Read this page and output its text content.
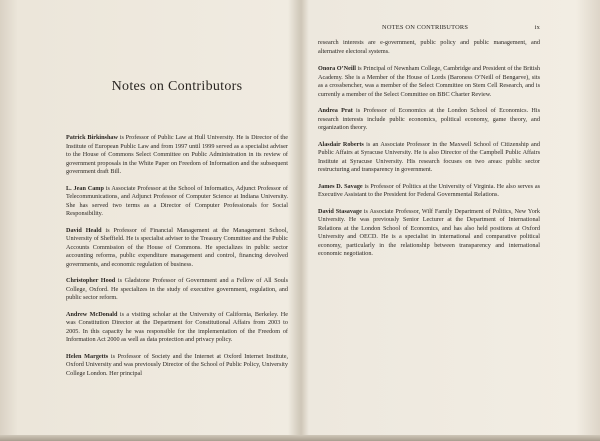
NOTES ON CONTRIBUTORS	ix
Notes on Contributors

Patrick Birkinshaw is Professor of Public Law at Hull University. He is Director of the Institute of European Public Law and from 1997 until 1999 served as a specialist adviser to the House of Commons Select Committee on Public Administration in its review of government proposals in the White Paper on Freedom of Information and the subsequent government draft Bill.

L. Jean Camp is Associate Professor at the School of Informatics, Adjunct Professor of Telecommunications, and Adjunct Professor of Computer Science at Indiana University. She has served two terms as a Director of Computer Professionals for Social Responsibility.

David Heald is Professor of Financial Management at the Management School, University of Sheffield. He is specialist adviser to the Treasury Committee and the Public Accounts Commission of the House of Commons. He specializes in public sector accounting reforms, public expenditure management and control, financing devolved governments, and economic regulation of business.

Christopher Hood is Gladstone Professor of Government and a Fellow of All Souls College, Oxford. He specializes in the study of executive government, regulation, and public sector reform.

Andrew McDonald is a visiting scholar at the University of California, Berkeley. He was Constitution Director at the Department for Constitutional Affairs from 2003 to 2005. In this capacity he was responsible for the implementation of the Freedom of Information Act 2000 as well as data protection and privacy policy.

Helen Margetts is Professor of Society and the Internet at Oxford Internet Institute, Oxford University and was previously Director of the School of Public Policy, University College London. Her principal

research interests are e-government, public policy and public management, and alternative electoral systems.

Onora O’Neill is Principal of Newnham College, Cambridge and President of the British Academy. She is a Member of the House of Lords (Baroness O’Neill of Bengarve), sits as a crossbencher, was a member of the Select Committee on Stem Cell Research, and is currently a member of the Select Committee on BBC Charter Review.

Andrea Prat is Professor of Economics at the London School of Economics. His research interests include public economics, political economy, game theory, and organization theory.

Alasdair Roberts is an Associate Professor in the Maxwell School of Citizenship and Public Affairs at Syracuse University. He is also Director of the Campbell Public Affairs Institute at Syracuse University. His research focuses on two areas: public sector restructuring and transparency in government.

James D. Savage is Professor of Politics at the University of Virginia. He also serves as Executive Assistant to the President for Federal Governmental Relations.

David Stasavage is Associate Professor, Wilf Family Department of Politics, New York University. He was previously Senior Lecturer at the Department of International Relations at the London School of Economics, and has also held positions at Oxford University and OECD. He is a specialist in international and comparative political economy, particularly in the relationship between transparency and international economic negotiation.
